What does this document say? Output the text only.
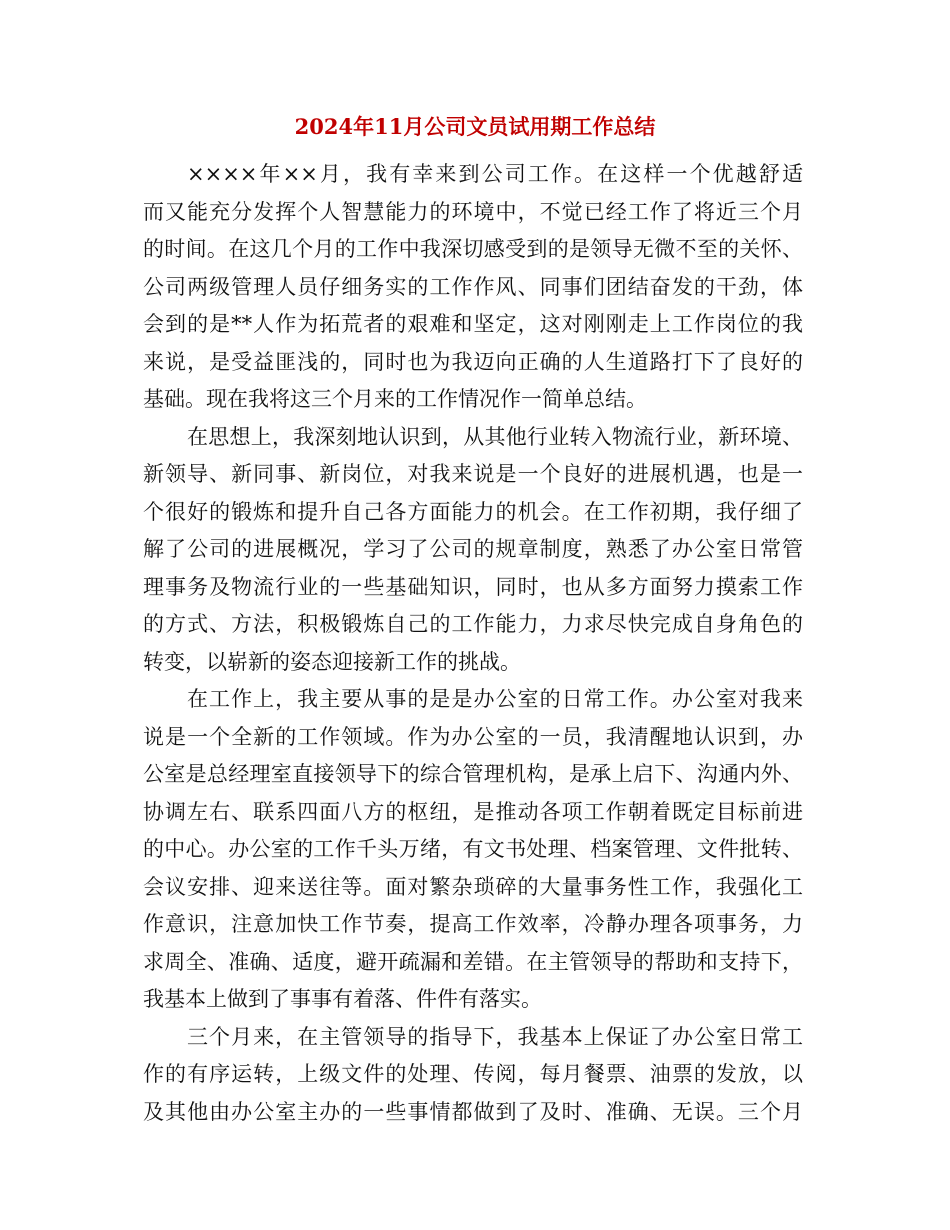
2024年11月公司文员试用期工作总结
××××年××月，我有幸来到公司工作。在这样一个优越舒适
而又能充分发挥个人智慧能力的环境中，不觉已经工作了将近三个月
的时间。在这几个月的工作中我深切感受到的是领导无微不至的关怀、
公司两级管理人员仔细务实的工作作风、同事们团结奋发的干劲，体
会到的是**人作为拓荒者的艰难和坚定，这对刚刚走上工作岗位的我
来说，是受益匪浅的，同时也为我迈向正确的人生道路打下了良好的
基础。现在我将这三个月来的工作情况作一简单总结。
在思想上，我深刻地认识到，从其他行业转入物流行业，新环境、
新领导、新同事、新岗位，对我来说是一个良好的进展机遇，也是一
个很好的锻炼和提升自己各方面能力的机会。在工作初期，我仔细了
解了公司的进展概况，学习了公司的规章制度，熟悉了办公室日常管
理事务及物流行业的一些基础知识，同时，也从多方面努力摸索工作
的方式、方法，积极锻炼自己的工作能力，力求尽快完成自身角色的
转变，以崭新的姿态迎接新工作的挑战。
在工作上，我主要从事的是是办公室的日常工作。办公室对我来
说是一个全新的工作领域。作为办公室的一员，我清醒地认识到，办
公室是总经理室直接领导下的综合管理机构，是承上启下、沟通内外、
协调左右、联系四面八方的枢纽，是推动各项工作朝着既定目标前进
的中心。办公室的工作千头万绪，有文书处理、档案管理、文件批转、
会议安排、迎来送往等。面对繁杂琐碎的大量事务性工作，我强化工
作意识，注意加快工作节奏，提高工作效率，冷静办理各项事务，力
求周全、准确、适度，避开疏漏和差错。在主管领导的帮助和支持下，
我基本上做到了事事有着落、件件有落实。
三个月来，在主管领导的指导下，我基本上保证了办公室日常工
作的有序运转，上级文件的处理、传阅，每月餐票、油票的发放，以
及其他由办公室主办的一些事情都做到了及时、准确、无误。三个月
